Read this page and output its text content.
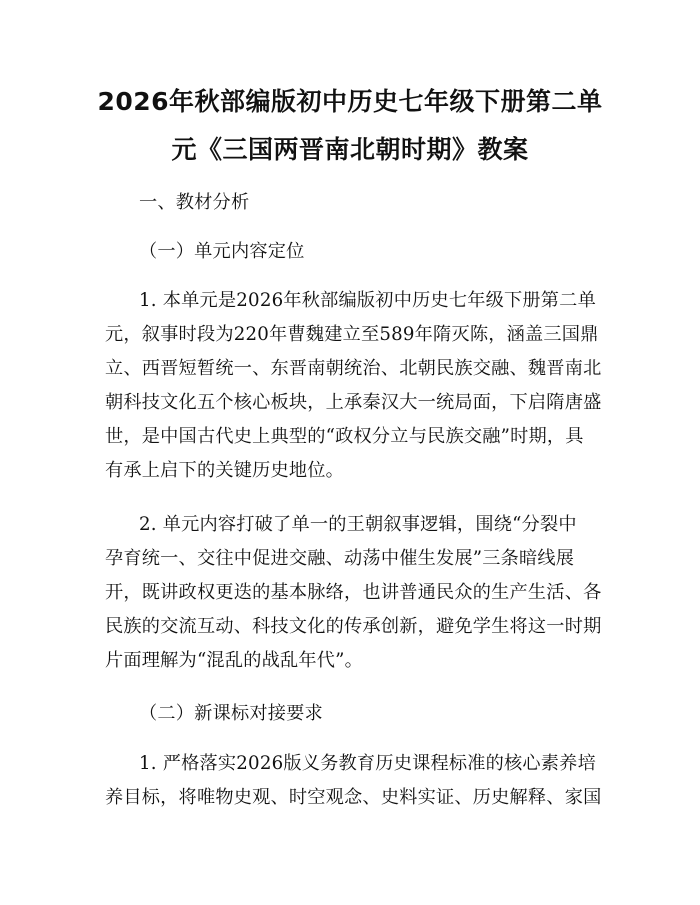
2026年秋部编版初中历史七年级下册第二单
元《三国两晋南北朝时期》教案
一、教材分析
（一）单元内容定位
1. 本单元是2026年秋部编版初中历史七年级下册第二单
元，叙事时段为220年曹魏建立至589年隋灭陈，涵盖三国鼎
立、西晋短暂统一、东晋南朝统治、北朝民族交融、魏晋南北
朝科技文化五个核心板块，上承秦汉大一统局面，下启隋唐盛
世，是中国古代史上典型的“政权分立与民族交融”时期，具
有承上启下的关键历史地位。
2. 单元内容打破了单一的王朝叙事逻辑，围绕“分裂中
孕育统一、交往中促进交融、动荡中催生发展”三条暗线展
开，既讲政权更迭的基本脉络，也讲普通民众的生产生活、各
民族的交流互动、科技文化的传承创新，避免学生将这一时期
片面理解为“混乱的战乱年代”。
（二）新课标对接要求
1. 严格落实2026版义务教育历史课程标准的核心素养培
养目标，将唯物史观、时空观念、史料实证、历史解释、家国
